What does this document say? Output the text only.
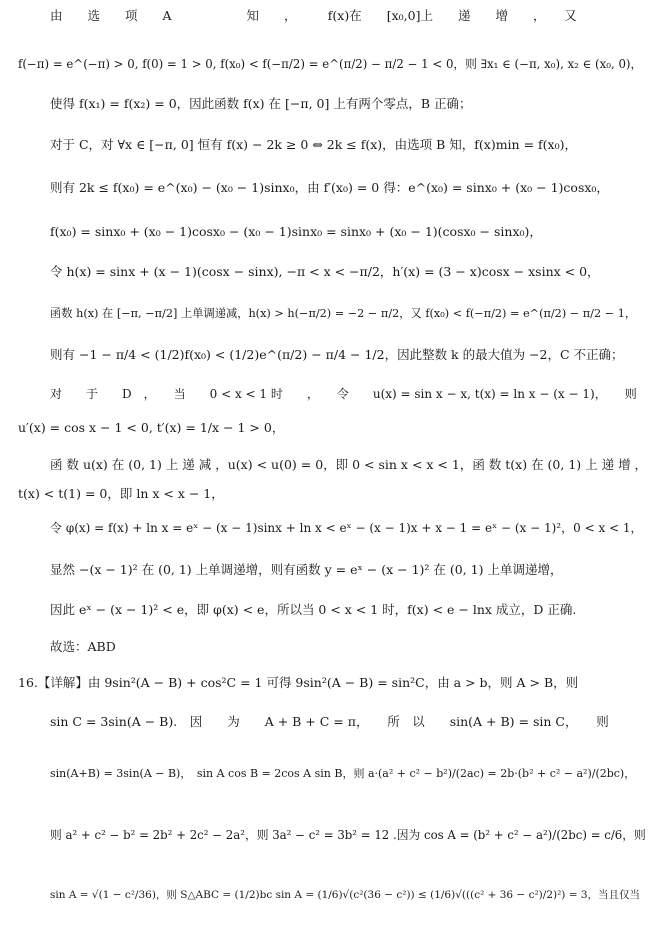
由　　选　　项　　A　　　　　　知　　，　　　f(x)在　　[x₀,0]上　　递　　增　　，　　又
f(−π) = e^(−π) > 0, f(0) = 1 > 0, f(x₀) < f(−π/2) = e^(π/2) − π/2 − 1 < 0，则 ∃x₁ ∈ (−π, x₀), x₂ ∈ (x₀, 0)，
使得 f(x₁) = f(x₂) = 0，因此函数 f(x) 在 [−π, 0] 上有两个零点，B 正确；
对于 C，对 ∀x ∈ [−π, 0] 恒有 f(x) − 2k ≥ 0 ⇔ 2k ≤ f(x)，由选项 B 知，f(x)min = f(x₀)，
则有 2k ≤ f(x₀) = e^(x₀) − (x₀ − 1)sinx₀，由 f′(x₀) = 0 得：e^(x₀) = sinx₀ + (x₀ − 1)cosx₀，
f(x₀) = sinx₀ + (x₀ − 1)cosx₀ − (x₀ − 1)sinx₀ = sinx₀ + (x₀ − 1)(cosx₀ − sinx₀)，
令 h(x) = sinx + (x − 1)(cosx − sinx), −π < x < −π/2，h′(x) = (3 − x)cosx − xsinx < 0，
函数 h(x) 在 [−π, −π/2] 上单调递减，h(x) > h(−π/2) = −2 − π/2，又 f(x₀) < f(−π/2) = e^(π/2) − π/2 − 1，
则有 −1 − π/4 < (1/2)f(x₀) < (1/2)e^(π/2) − π/4 − 1/2，因此整数 k 的最大值为 −2，C 不正确；
对　　于　　D　，　　当　　0 < x < 1 时　　，　　令　　u(x) = sin x − x, t(x) = ln x − (x − 1)，　　则
u′(x) = cos x − 1 < 0, t′(x) = 1/x − 1 > 0，
函 数 u(x) 在 (0, 1) 上 递 减 ，u(x) < u(0) = 0，即 0 < sin x < x < 1，函 数 t(x) 在 (0, 1) 上 递 增 ，
t(x) < t(1) = 0，即 ln x < x − 1，
令 φ(x) = f(x) + ln x = eˣ − (x − 1)sinx + ln x < eˣ − (x − 1)x + x − 1 = eˣ − (x − 1)²，0 < x < 1，
显然 −(x − 1)² 在 (0, 1) 上单调递增，则有函数 y = eˣ − (x − 1)² 在 (0, 1) 上单调递增，
因此 eˣ − (x − 1)² < e，即 φ(x) < e，所以当 0 < x < 1 时，f(x) < e − lnx 成立，D 正确.
故选：ABD
16.【详解】由 9sin²(A − B) + cos²C = 1 可得 9sin²(A − B) = sin²C，由 a > b，则 A > B，则
sin C = 3sin(A − B).　因　　为　　A + B + C = π，　　所　以　　sin(A + B) = sin C，　　则
sin(A+B) = 3sin(A − B)，　sin A cos B = 2cos A sin B，则 a·(a² + c² − b²)/(2ac) = 2b·(b² + c² − a²)/(2bc)，
则 a² + c² − b² = 2b² + 2c² − 2a²，则 3a² − c² = 3b² = 12 .因为 cos A = (b² + c² − a²)/(2bc) = c/6，则
sin A = √(1 − c²/36)，则 S△ABC = (1/2)bc sin A = (1/6)√(c²(36 − c²)) ≤ (1/6)√(((c² + 36 − c²)/2)²) = 3，当且仅当
